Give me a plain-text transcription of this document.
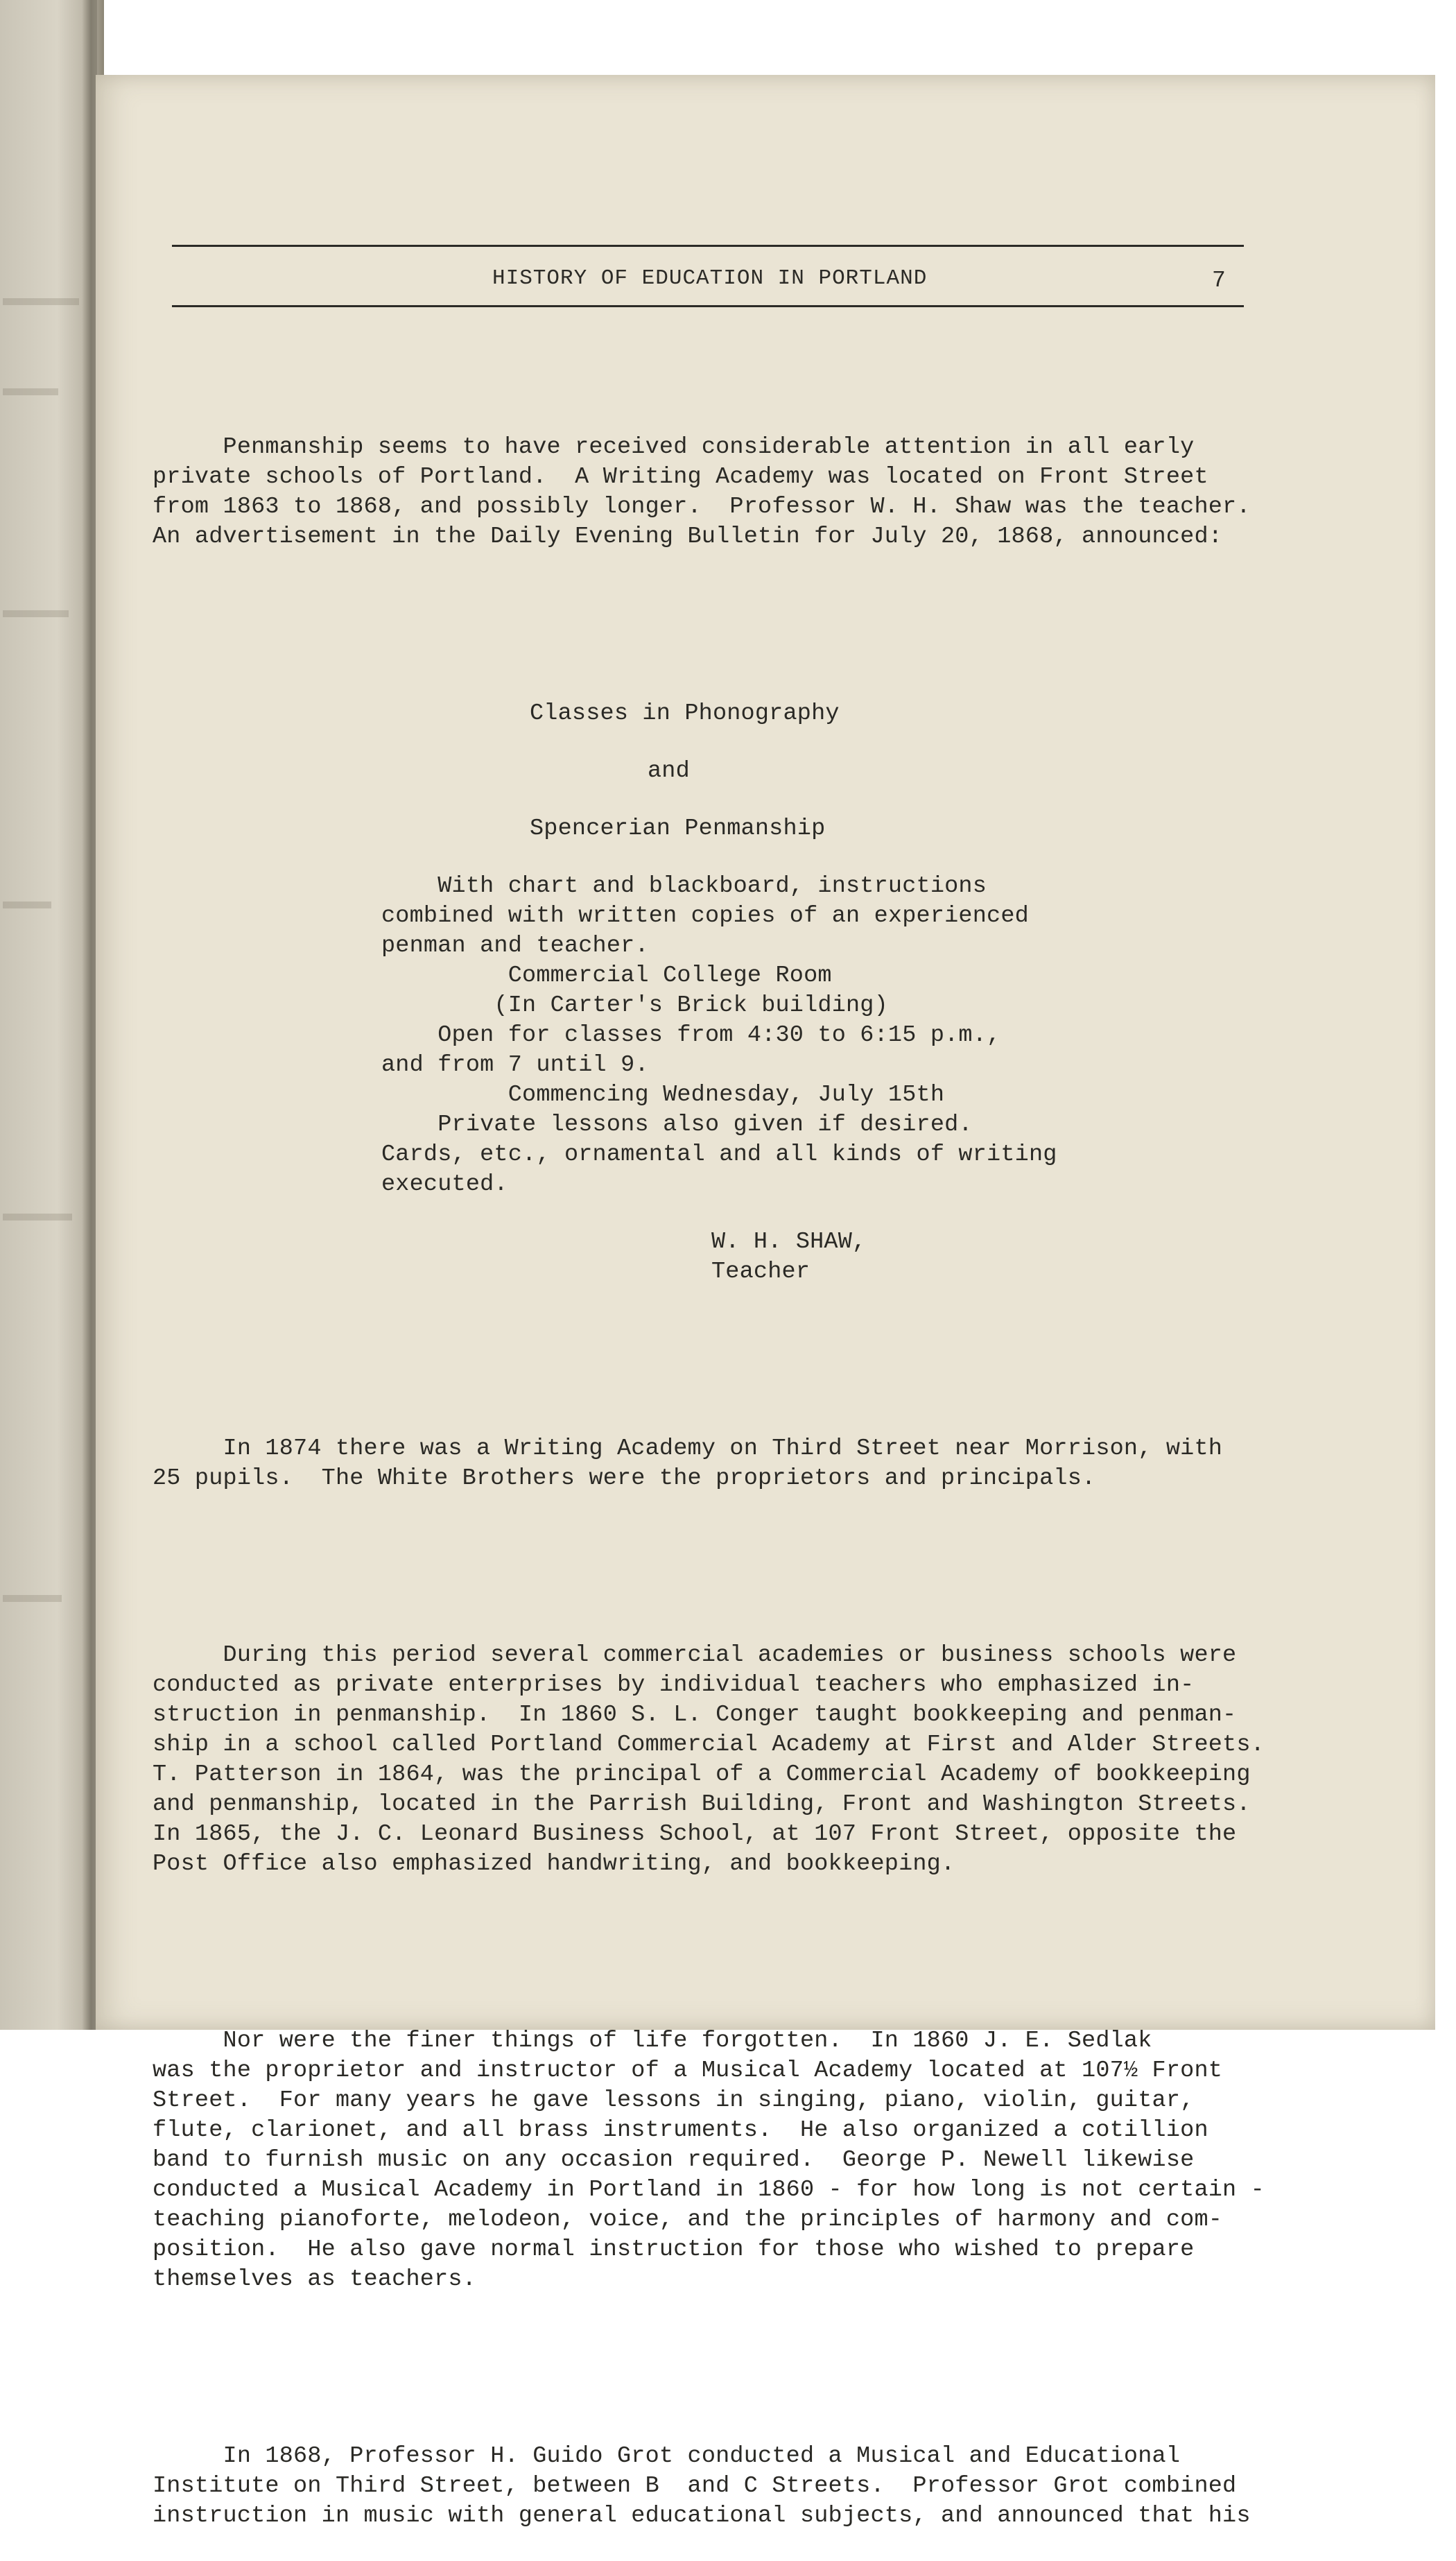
HISTORY OF EDUCATION IN PORTLAND	7

Penmanship seems to have received considerable attention in all early
private schools of Portland.  A Writing Academy was located on Front Street
from 1863 to 1868, and possibly longer.  Professor W. H. Shaw was the teacher.
An advertisement in the Daily Evening Bulletin for July 20, 1868, announced:

Classes in Phonography

and

Spencerian Penmanship

With chart and blackboard, instructions
combined with written copies of an experienced
penman and teacher.
Commercial College Room
(In Carter's Brick building)
Open for classes from 4:30 to 6:15 p.m.,
and from 7 until 9.
Commencing Wednesday, July 15th
Private lessons also given if desired.
Cards, etc., ornamental and all kinds of writing
executed.

W. H. SHAW,
Teacher

In 1874 there was a Writing Academy on Third Street near Morrison, with
25 pupils.  The White Brothers were the proprietors and principals.

During this period several commercial academies or business schools were
conducted as private enterprises by individual teachers who emphasized in-
struction in penmanship.  In 1860 S. L. Conger taught bookkeeping and penman-
ship in a school called Portland Commercial Academy at First and Alder Streets.
T. Patterson in 1864, was the principal of a Commercial Academy of bookkeeping
and penmanship, located in the Parrish Building, Front and Washington Streets.
In 1865, the J. C. Leonard Business School, at 107 Front Street, opposite the
Post Office also emphasized handwriting, and bookkeeping.

Nor were the finer things of life forgotten.  In 1860 J. E. Sedlak
was the proprietor and instructor of a Musical Academy located at 107½ Front
Street.  For many years he gave lessons in singing, piano, violin, guitar,
flute, clarionet, and all brass instruments.  He also organized a cotillion
band to furnish music on any occasion required.  George P. Newell likewise
conducted a Musical Academy in Portland in 1860 - for how long is not certain -
teaching pianoforte, melodeon, voice, and the principles of harmony and com-
position.  He also gave normal instruction for those who wished to prepare
themselves as teachers.

In 1868, Professor H. Guido Grot conducted a Musical and Educational
Institute on Third Street, between B  and C Streets.  Professor Grot combined
instruction in music with general educational subjects, and announced that his
